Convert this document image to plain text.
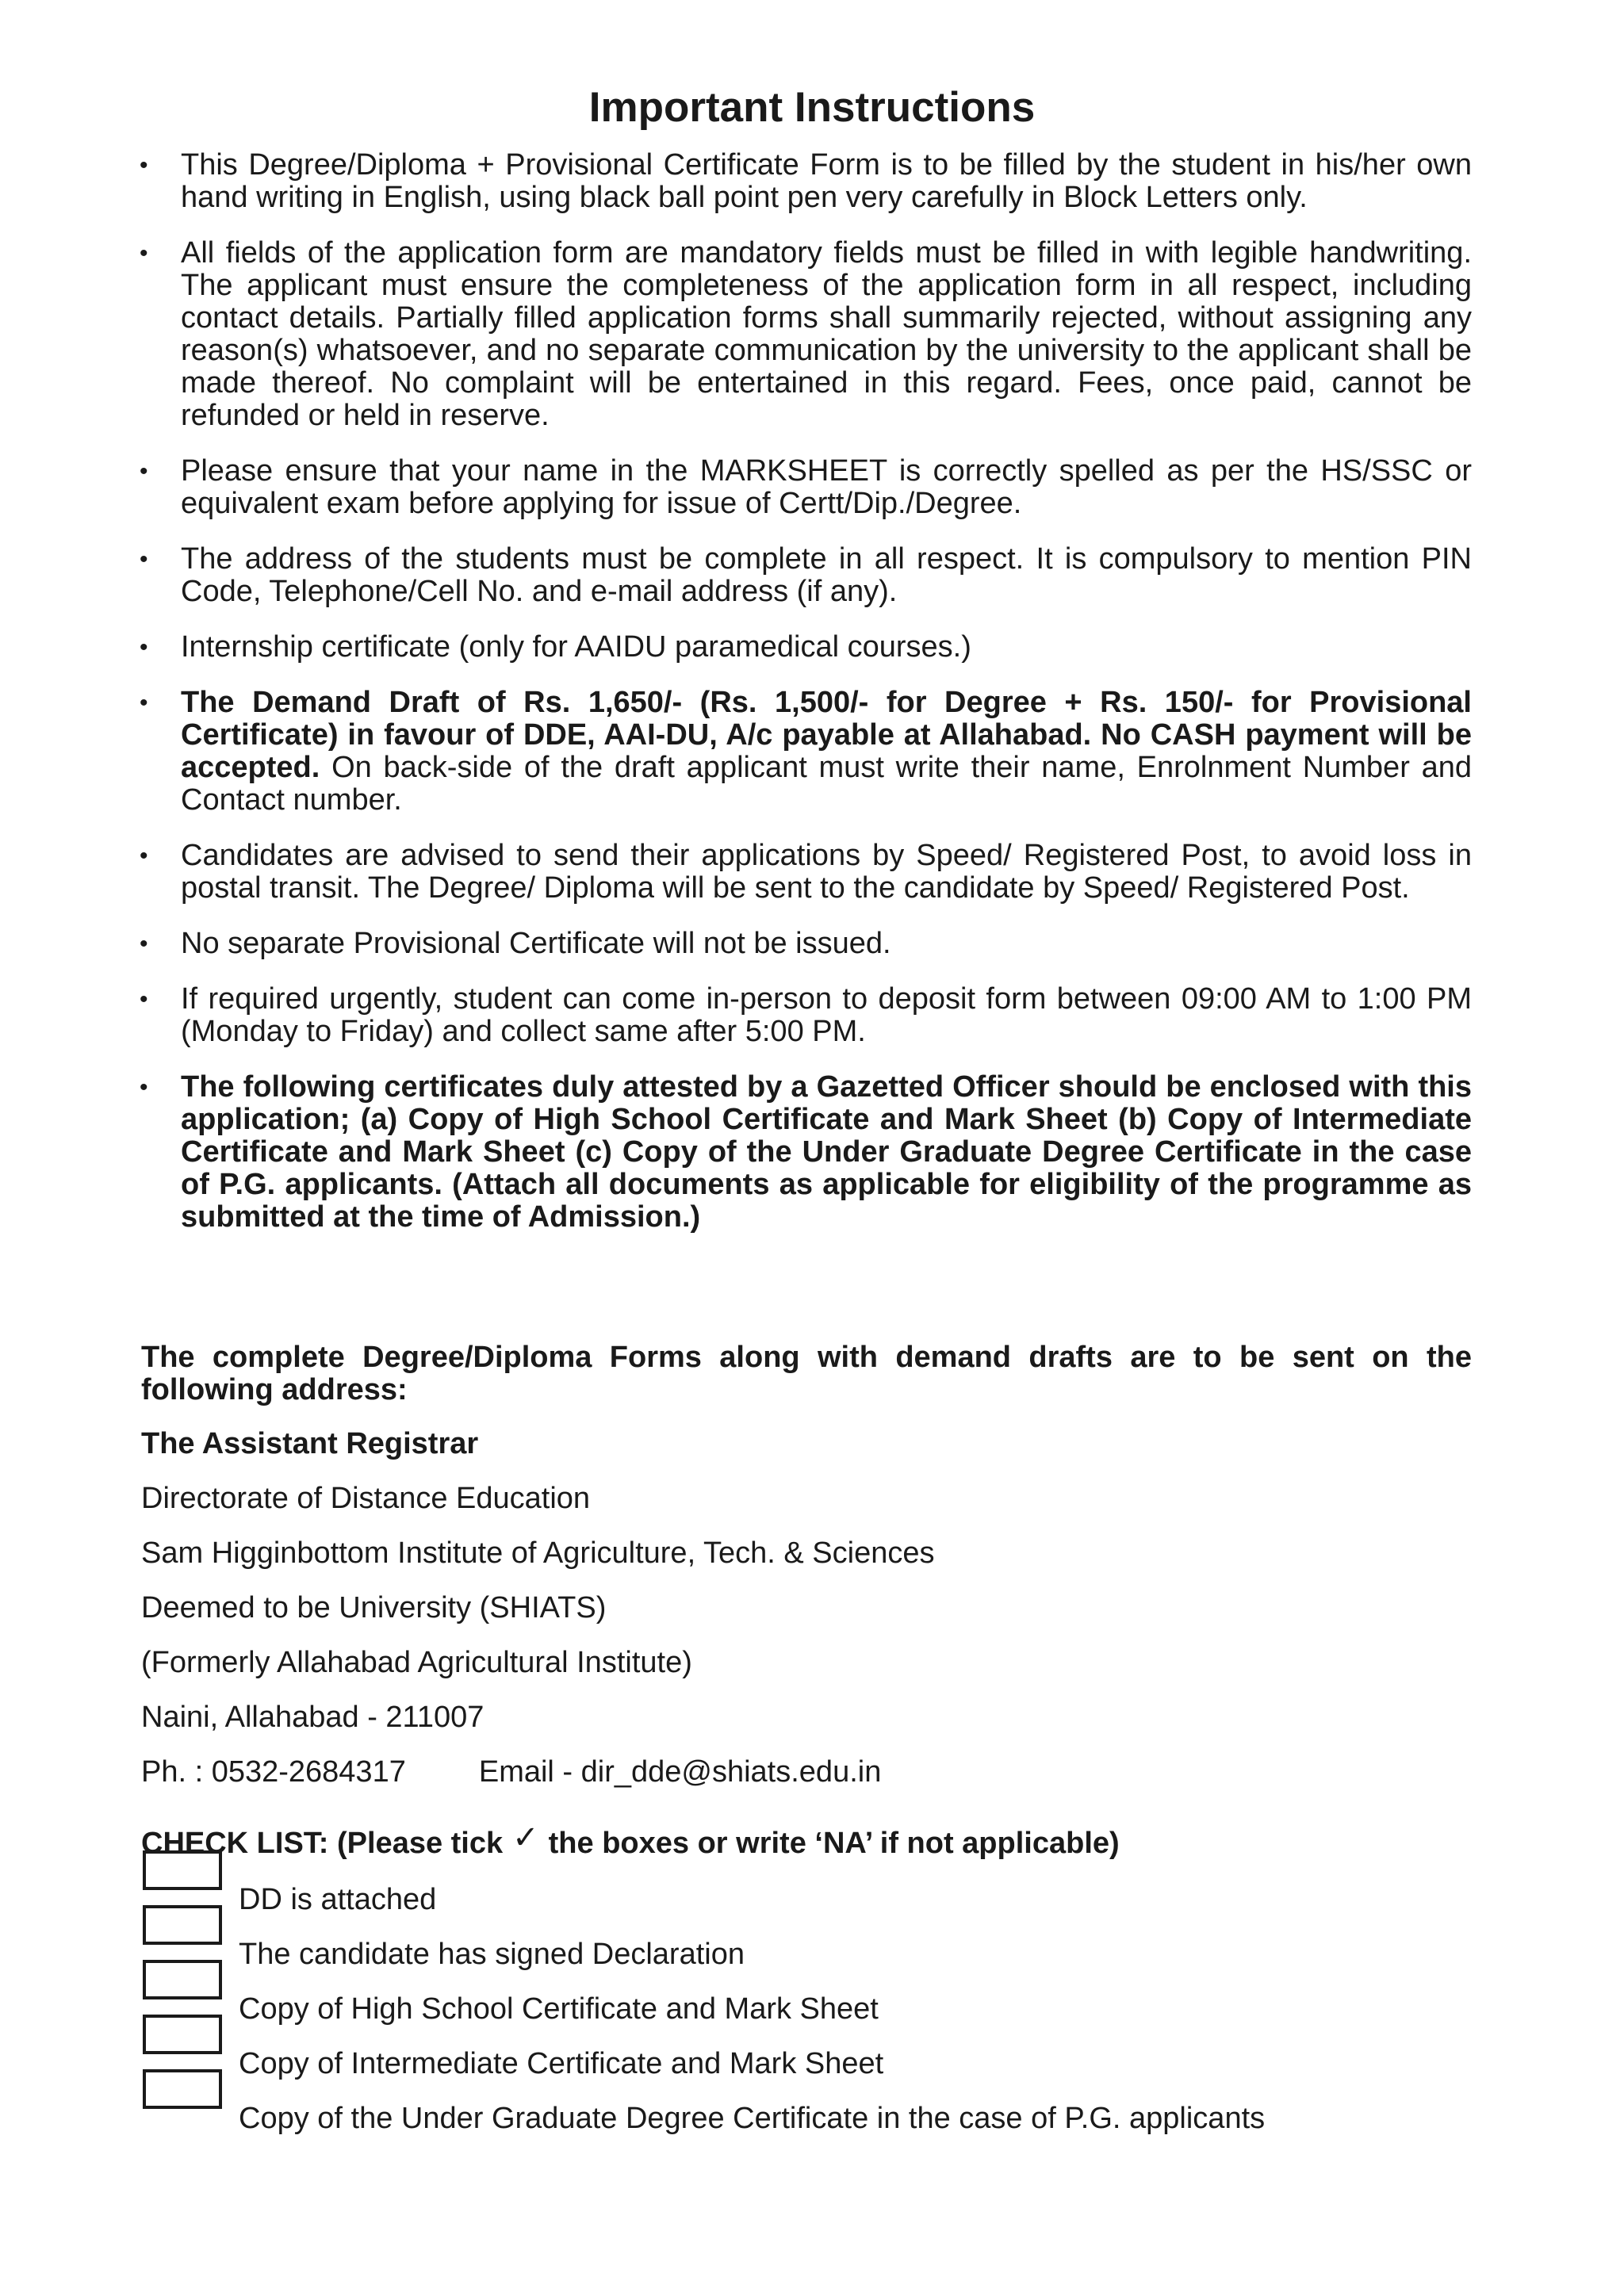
Important Instructions
• This Degree/Diploma + Provisional Certificate Form is to be filled by the student in his/her own hand writing in English, using black ball point pen very carefully in Block Letters only.
• All fields of the application form are mandatory fields must be filled in with legible handwriting. The applicant must ensure the completeness of the application form in all respect, including contact details. Partially filled application forms shall summarily rejected, without assigning any reason(s) whatsoever, and no separate communication by the university to the applicant shall be made thereof. No complaint will be entertained in this regard. Fees, once paid, cannot be refunded or held in reserve.
• Please ensure that your name in the MARKSHEET is correctly spelled as per the HS/SSC or equivalent exam before applying for issue of Certt/Dip./Degree.
• The address of the students must be complete in all respect. It is compulsory to mention PIN Code, Telephone/Cell No. and e-mail address (if any).
• Internship certificate (only for AAIDU paramedical courses.)
• The Demand Draft of Rs. 1,650/- (Rs. 1,500/- for Degree + Rs. 150/- for Provisional Certificate) in favour of DDE, AAI-DU, A/c payable at Allahabad. No CASH payment will be accepted. On back-side of the draft applicant must write their name, Enrolnment Number and Contact number.
• Candidates are advised to send their applications by Speed/ Registered Post, to avoid loss in postal transit. The Degree/ Diploma will be sent to the candidate by Speed/ Registered Post.
• No separate Provisional Certificate will not be issued.
• If required urgently, student can come in-person to deposit form between 09:00 AM to 1:00 PM (Monday to Friday) and collect same after 5:00 PM.
• The following certificates duly attested by a Gazetted Officer should be enclosed with this application; (a) Copy of High School Certificate and Mark Sheet (b) Copy of Intermediate Certificate and Mark Sheet (c) Copy of the Under Graduate Degree Certificate in the case of P.G. applicants. (Attach all documents as applicable for eligibility of the programme as submitted at the time of Admission.)

The complete Degree/Diploma Forms along with demand drafts are to be sent on the following address:

The Assistant Registrar

Directorate of Distance Education

Sam Higginbottom Institute of Agriculture, Tech. & Sciences

Deemed to be University (SHIATS)

(Formerly Allahabad Agricultural Institute)

Naini, Allahabad - 211007

Ph. : 0532-2684317 Email - dir_dde@shiats.edu.in

CHECK LIST: (Please tick ✓ the boxes or write ‘NA’ if not applicable)
DD is attached
The candidate has signed Declaration
Copy of High School Certificate and Mark Sheet
Copy of Intermediate Certificate and Mark Sheet
Copy of the Under Graduate Degree Certificate in the case of P.G. applicants
